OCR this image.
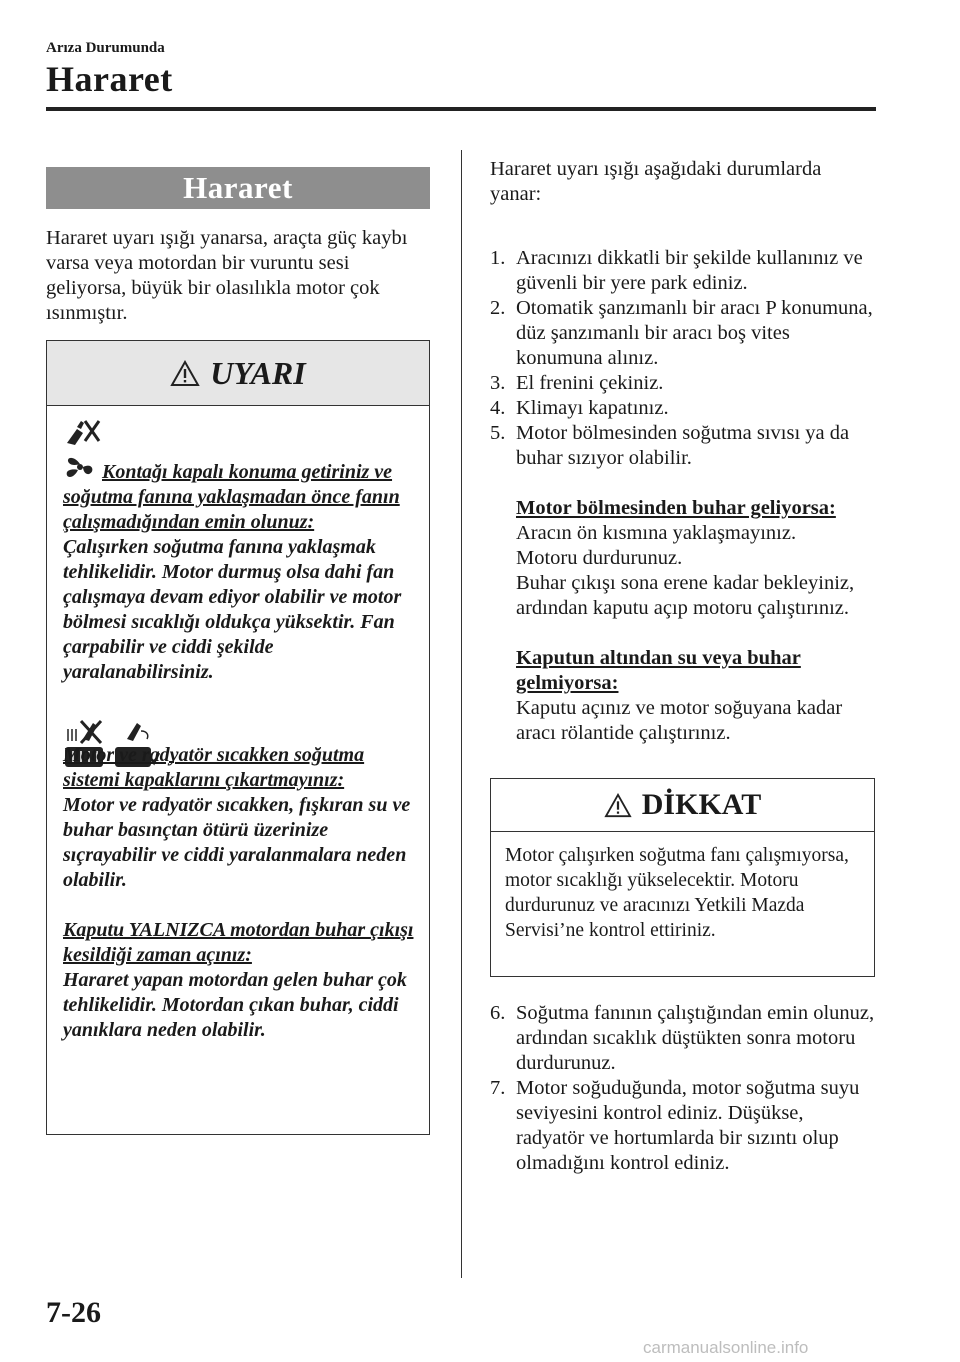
Arıza Durumunda
Hararet
Hararet
Hararet uyarı ışığı yanarsa, araçta güç kaybı varsa veya motordan bir vuruntu sesi geliyorsa, büyük bir olasılıkla motor çok ısınmıştır.
UYARI
Kontağı kapalı konuma getiriniz ve soğutma fanına yaklaşmadan önce fanın çalışmadığından emin olunuz:
Çalışırken soğutma fanına yaklaşmak tehlikelidir. Motor durmuş olsa dahi fan çalışmaya devam ediyor olabilir ve motor bölmesi sıcaklığı oldukça yüksektir. Fan çarpabilir ve ciddi şekilde yaralanabilirsiniz.

Motor ve radyatör sıcakken soğutma sistemi kapaklarını çıkartmayınız:
Motor ve radyatör sıcakken, fışkıran su ve buhar basınçtan ötürü üzerinize sıçrayabilir ve ciddi yaralanmalara neden olabilir.
Kaputu YALNIZCA motordan buhar çıkışı kesildiği zaman açınız:
Hararet yapan motordan gelen buhar çok tehlikelidir. Motordan çıkan buhar, ciddi yanıklara neden olabilir.
Hararet uyarı ışığı aşağıdaki durumlarda yanar:
1. Aracınızı dikkatli bir şekilde kullanınız ve güvenli bir yere park ediniz.
2. Otomatik şanzımanlı bir aracı P konumuna, düz şanzımanlı bir aracı boş vites konumuna alınız.
3. El frenini çekiniz.
4. Klimayı kapatınız.
5. Motor bölmesinden soğutma sıvısı ya da buhar sızıyor olabilir.
Motor bölmesinden buhar geliyorsa:
Aracın ön kısmına yaklaşmayınız.
Motoru durdurunuz.
Buhar çıkışı sona erene kadar bekleyiniz, ardından kaputu açıp motoru çalıştırınız.
Kaputun altından su veya buhar gelmiyorsa:
Kaputu açınız ve motor soğuyana kadar aracı rölantide çalıştırınız.
DİKKAT
Motor çalışırken soğutma fanı çalışmıyorsa, motor sıcaklığı yükselecektir. Motoru durdurunuz ve aracınızı Yetkili Mazda Servisi’ne kontrol ettiriniz.
6. Soğutma fanının çalıştığından emin olunuz, ardından sıcaklık düştükten sonra motoru durdurunuz.
7. Motor soğuduğunda, motor soğutma suyu seviyesini kontrol ediniz. Düşükse, radyatör ve hortumlarda bir sızıntı olup olmadığını kontrol ediniz.
7-26
carmanualsonline.info
